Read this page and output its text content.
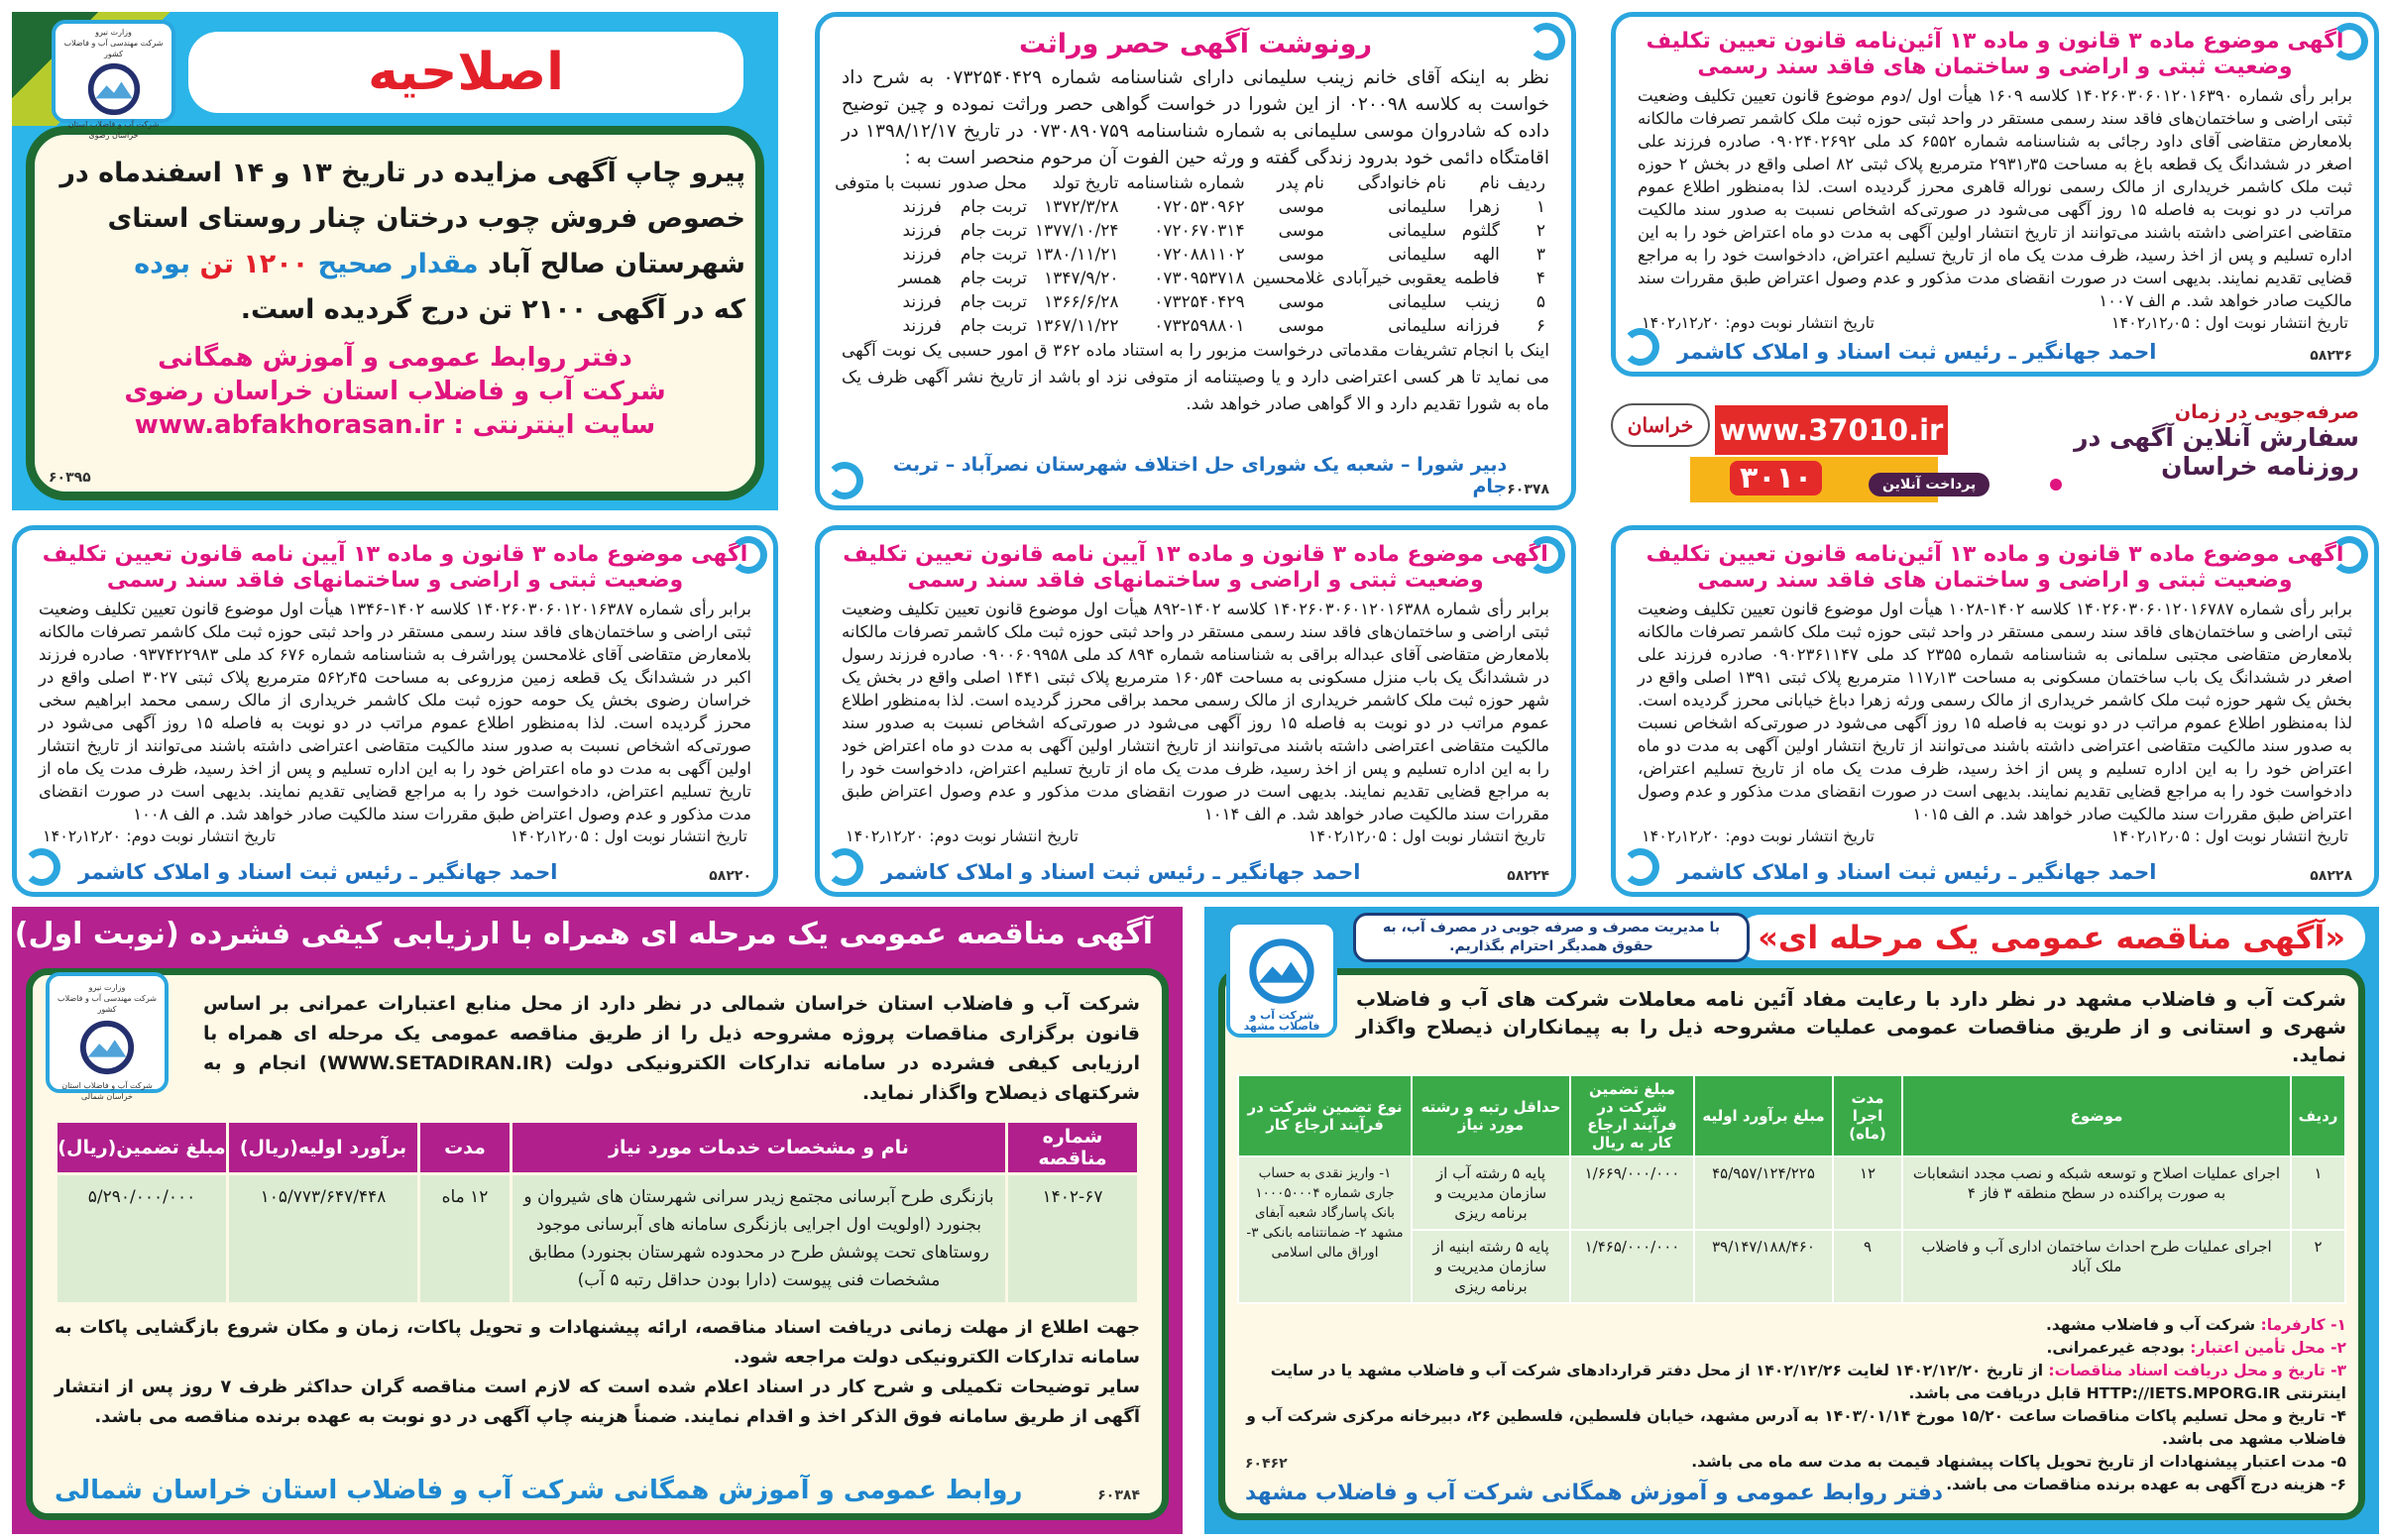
اصلاحیه
پیرو چاپ آگهی مزایده در تاریخ ۱۳ و ۱۴ اسفندماه در
خصوص فروش چوب درختان چنار روستای استای
شهرستان صالح آباد مقدار صحیح ۱۲۰۰ تن بوده
که در آگهی ۲۱۰۰ تن درج گردیده است.
دفتر روابط عمومی و آموزش همگانی
شرکت آب و فاضلاب استان خراسان رضوی
سایت اینترنتی : www.abfakhorasan.ir
۶۰۳۹۵
وزارت نیرو
شرکت مهندسی آب و فاضلاب کشور
شرکت آب و فاضلاب استان خراسان رضوی
رونوشت آگهی حصر وراثت
نظر به اینکه آقای خانم زینب سلیمانی دارای شناسنامه شماره ۰۷۳۲۵۴۰۴۲۹ به شرح داد خواست به کلاسه ۰۲۰۰۹۸ از این شورا در خواست گواهی حصر وراثت نموده و چین توضیح داده که شادروان موسی سلیمانی به شماره شناسنامه ۰۷۳۰۸۹۰۷۵۹ در تاریخ ۱۳۹۸/۱۲/۱۷ در اقامتگاه دائمی خود بدرود زندگی گفته و ورثه حین الفوت آن مرحوم منحصر است به :
ردیف	نام	نام خانوادگی	نام پدر	شماره شناسنامه	تاریخ تولد	محل صدور	نسبت با متوفی
۱	زهرا	سلیمانی	موسی	۰۷۲۰۵۳۰۹۶۲	۱۳۷۲/۳/۲۸	تربت جام	فرزند
۲	گلثوم	سلیمانی	موسی	۰۷۲۰۶۷۰۳۱۴	۱۳۷۷/۱۰/۲۴	تربت جام	فرزند
۳	الهه	سلیمانی	موسی	۰۷۲۰۸۸۱۱۰۲	۱۳۸۰/۱۱/۲۱	تربت جام	فرزند
۴	فاطمه	یعقوبی خیرآبادی	غلامحسین	۰۷۳۰۹۵۳۷۱۸	۱۳۴۷/۹/۲۰	تربت جام	همسر
۵	زینب	سلیمانی	موسی	۰۷۳۲۵۴۰۴۲۹	۱۳۶۶/۶/۲۸	تربت جام	فرزند
۶	فرزانه	سلیمانی	موسی	۰۷۳۲۵۹۸۸۰۱	۱۳۶۷/۱۱/۲۲	تربت جام	فرزند
اینک با انجام تشریفات مقدماتی درخواست مزبور را به استناد ماده ۳۶۲ ق امور حسبی یک نوبت آگهی می نماید تا هر کسی اعتراضی دارد و یا وصیتنامه از متوفی نزد او باشد از تاریخ نشر آگهی ظرف یک ماه به شورا تقدیم دارد و الا گواهی صادر خواهد شد.
۶۰۳۷۸
دبیر شورا – شعبه یک شورای حل اختلاف شهرستان نصرآباد – تربت جام
آگهی موضوع ماده ۳ قانون و ماده ۱۳ آئین‌نامه قانون تعیین تکلیف وضعیت ثبتی و اراضی و ساختمان های فاقد سند رسمی
برابر رأی شماره ۱۴۰۲۶۰۳۰۶۰۱۲۰۱۶۳۹۰ کلاسه ۱۶۰۹ هیأت اول /دوم موضوع قانون تعیین تکلیف وضعیت ثبتی اراضی و ساختمان‌های فاقد سند رسمی مستقر در واحد ثبتی حوزه ثبت ملک کاشمر تصرفات مالکانه بلامعارض متقاضی آقای داود رجائی به شناسنامه شماره ۶۵۵۲ کد ملی ۰۹۰۲۴۰۲۶۹۲ صادره فرزند علی اصغر در ششدانگ یک قطعه باغ به مساحت ۲۹۳۱٫۳۵ مترمربع پلاک ثبتی ۸۲ اصلی واقع در بخش ۲ حوزه ثبت ملک کاشمر خریداری از مالک رسمی نوراله قاهری محرز گردیده است. لذا به‌منظور اطلاع عموم مراتب در دو نوبت به فاصله ۱۵ روز آگهی می‌شود در صورتی‌که اشخاص نسبت به صدور سند مالکیت متقاضی اعتراضی داشته باشند می‌توانند از تاریخ انتشار اولین آگهی به مدت دو ماه اعتراض خود را به این اداره تسلیم و پس از اخذ رسید، ظرف مدت یک ماه از تاریخ تسلیم اعتراض، دادخواست خود را به مراجع قضایی تقدیم نمایند. بدیهی است در صورت انقضای مدت مذکور و عدم وصول اعتراض طبق مقررات سند مالکیت صادر خواهد شد. م الف ۱۰۰۷
تاریخ انتشار نوبت اول : ۱۴۰۲٫۱۲٫۰۵
تاریخ انتشار نوبت دوم: ۱۴۰۲٫۱۲٫۲۰
۵۸۲۳۶
احمد جهانگیر ـ رئیس ثبت اسناد و املاک کاشمر
آگهی موضوع ماده ۳ قانون و ماده ۱۳ آیین نامه قانون تعیین تکلیف وضعیت ثبتی و اراضی و ساختمانهای فاقد سند رسمی
برابر رأی شماره ۱۴۰۲۶۰۳۰۶۰۱۲۰۱۶۳۸۷ کلاسه ۱۴۰۲-۱۳۴۶ هیأت اول موضوع قانون تعیین تکلیف وضعیت ثبتی اراضی و ساختمان‌های فاقد سند رسمی مستقر در واحد ثبتی حوزه ثبت ملک کاشمر تصرفات مالکانه بلامعارض متقاضی آقای غلامحسن پوراشرف به شناسنامه شماره ۶۷۶ کد ملی ۰۹۳۷۴۲۲۹۸۳ صادره فرزند اکبر در ششدانگ یک قطعه زمین مزروعی به مساحت ۵۶۲٫۴۵ مترمربع پلاک ثبتی ۳۰۲۷ اصلی واقع در خراسان رضوی بخش یک حومه حوزه ثبت ملک کاشمر خریداری از مالک رسمی محمد ابراهیم سخی محرز گردیده است. لذا به‌منظور اطلاع عموم مراتب در دو نوبت به فاصله ۱۵ روز آگهی می‌شود در صورتی‌که اشخاص نسبت به صدور سند مالکیت متقاضی اعتراضی داشته باشند می‌توانند از تاریخ انتشار اولین آگهی به مدت دو ماه اعتراض خود را به این اداره تسلیم و پس از اخذ رسید، ظرف مدت یک ماه از تاریخ تسلیم اعتراض، دادخواست خود را به مراجع قضایی تقدیم نمایند. بدیهی است در صورت انقضای مدت مذکور و عدم وصول اعتراض طبق مقررات سند مالکیت صادر خواهد شد. م الف ۱۰۰۸
تاریخ انتشار نوبت اول : ۱۴۰۲٫۱۲٫۰۵
تاریخ انتشار نوبت دوم: ۱۴۰۲٫۱۲٫۲۰
۵۸۲۲۰
احمد جهانگیر ـ رئیس ثبت اسناد و املاک کاشمر
آگهی موضوع ماده ۳ قانون و ماده ۱۳ آیین نامه قانون تعیین تکلیف وضعیت ثبتی و اراضی و ساختمانهای فاقد سند رسمی
برابر رأی شماره ۱۴۰۲۶۰۳۰۶۰۱۲۰۱۶۳۸۸ کلاسه ۱۴۰۲-۸۹۲ هیأت اول موضوع قانون تعیین تکلیف وضعیت ثبتی اراضی و ساختمان‌های فاقد سند رسمی مستقر در واحد ثبتی حوزه ثبت ملک کاشمر تصرفات مالکانه بلامعارض متقاضی آقای عبداله براقی به شناسنامه شماره ۸۹۴ کد ملی ۰۹۰۰۶۰۹۹۵۸ صادره فرزند رسول در ششدانگ یک باب منزل مسکونی به مساحت ۱۶۰٫۵۴ مترمربع پلاک ثبتی ۱۴۴۱ اصلی واقع در بخش یک شهر حوزه ثبت ملک کاشمر خریداری از مالک رسمی محمد براقی محرز گردیده است. لذا به‌منظور اطلاع عموم مراتب در دو نوبت به فاصله ۱۵ روز آگهی می‌شود در صورتی‌که اشخاص نسبت به صدور سند مالکیت متقاضی اعتراضی داشته باشند می‌توانند از تاریخ انتشار اولین آگهی به مدت دو ماه اعتراض خود را به این اداره تسلیم و پس از اخذ رسید، ظرف مدت یک ماه از تاریخ تسلیم اعتراض، دادخواست خود را به مراجع قضایی تقدیم نمایند. بدیهی است در صورت انقضای مدت مذکور و عدم وصول اعتراض طبق مقررات سند مالکیت صادر خواهد شد. م الف ۱۰۱۴
تاریخ انتشار نوبت اول : ۱۴۰۲٫۱۲٫۰۵
تاریخ انتشار نوبت دوم: ۱۴۰۲٫۱۲٫۲۰
۵۸۲۲۴
احمد جهانگیر ـ رئیس ثبت اسناد و املاک کاشمر
آگهی موضوع ماده ۳ قانون و ماده ۱۳ آئین‌نامه قانون تعیین تکلیف وضعیت ثبتی و اراضی و ساختمان های فاقد سند رسمی
برابر رأی شماره ۱۴۰۲۶۰۳۰۶۰۱۲۰۱۶۷۸۷ کلاسه ۱۴۰۲-۱۰۲۸ هیأت اول موضوع قانون تعیین تکلیف وضعیت ثبتی اراضی و ساختمان‌های فاقد سند رسمی مستقر در واحد ثبتی حوزه ثبت ملک کاشمر تصرفات مالکانه بلامعارض متقاضی مجتبی سلمانی به شناسنامه شماره ۲۳۵۵ کد ملی ۰۹۰۲۳۶۱۱۴۷ صادره فرزند علی اصغر در ششدانگ یک باب ساختمان مسکونی به مساحت ۱۱۷٫۱۳ مترمربع پلاک ثبتی ۱۳۹۱ اصلی واقع در بخش یک شهر حوزه ثبت ملک کاشمر خریداری از مالک رسمی ورثه زهرا دباغ خیابانی محرز گردیده است. لذا به‌منظور اطلاع عموم مراتب در دو نوبت به فاصله ۱۵ روز آگهی می‌شود در صورتی‌که اشخاص نسبت به صدور سند مالکیت متقاضی اعتراضی داشته باشند می‌توانند از تاریخ انتشار اولین آگهی به مدت دو ماه اعتراض خود را به این اداره تسلیم و پس از اخذ رسید، ظرف مدت یک ماه از تاریخ تسلیم اعتراض، دادخواست خود را به مراجع قضایی تقدیم نمایند. بدیهی است در صورت انقضای مدت مذکور و عدم وصول اعتراض طبق مقررات سند مالکیت صادر خواهد شد. م الف ۱۰۱۵
تاریخ انتشار نوبت اول : ۱۴۰۲٫۱۲٫۰۵
تاریخ انتشار نوبت دوم: ۱۴۰۲٫۱۲٫۲۰
۵۸۲۲۸
احمد جهانگیر ـ رئیس ثبت اسناد و املاک کاشمر
صرفه‌جویی در زمان
سفارش آنلاین آگهی در
روزنامه خراسان
www.37010.ir
۳۰۱۰	پرداخت آنلاین
خراسان
آگهی مناقصه عمومی یک مرحله ای همراه با ارزیابی کیفی فشرده (نوبت اول)
شرکت آب و فاضلاب استان خراسان شمالی در نظر دارد از محل منابع اعتبارات عمرانی بر اساس قانون برگزاری مناقصات پروژه مشروحه ذیل را از طریق مناقصه عمومی یک مرحله ای همراه با ارزیابی کیفی فشرده در سامانه تدارکات الکترونیکی دولت (WWW.SETADIRAN.IR) انجام و به شرکتهای ذیصلاح واگذار نماید.
شماره مناقصه	نام و مشخصات خدمات مورد نیاز	مدت	برآورد اولیه(ریال)	مبلغ تضمین(ریال)
۱۴۰۲-۶۷	بازنگری طرح آبرسانی مجتمع زیدر سرانی شهرستان های شیروان و بجنورد (اولویت اول اجرایی بازنگری سامانه های آبرسانی موجود روستاهای تحت پوشش طرح در محدوده شهرستان بجنورد) مطابق مشخصات فنی پیوست (دارا بودن حداقل رتبه ۵ آب)	۱۲ ماه	۱۰۵/۷۷۳/۶۴۷/۴۴۸	۵/۲۹۰/۰۰۰/۰۰۰
جهت اطلاع از مهلت زمانی دریافت اسناد مناقصه، ارائه پیشنهادات و تحویل پاکات، زمان و مکان شروع بازگشایی پاکات به سامانه تدارکات الکترونیکی دولت مراجعه شود.
سایر توضیحات تکمیلی و شرح کار در اسناد اعلام شده است که لازم است مناقصه گران حداکثر ظرف ۷ روز پس از انتشار آگهی از طریق سامانه فوق الذکر اخذ و اقدام نمایند. ضمناً هزینه چاپ آگهی در دو نوبت به عهده برنده مناقصه می باشد.
روابط عمومی و آموزش همگانی شرکت آب و فاضلاب استان خراسان شمالی	۶۰۳۸۴
وزارت نیرو
شرکت مهندسی آب و فاضلاب کشور
شرکت آب و فاضلاب استان خراسان شمالی
«آگهی مناقصه عمومی یک مرحله ای»
با مدیریت مصرف و صرفه جویی در مصرف آب، به حقوق همدیگر احترام بگذاریم.
شرکت آب و فاضلاب مشهد در نظر دارد با رعایت مفاد آئین نامه معاملات شرکت های آب و فاضلاب شهری و استانی و از طریق مناقصات عمومی عملیات مشروحه ذیل را به پیمانکاران ذیصلاح واگذار نماید.
ردیف	موضوع	مدت اجرا (ماه)	مبلغ برآورد اولیه	مبلغ تضمین شرکت در فرآیند ارجاع کار به ریال	حداقل رتبه و رشته مورد نیاز	نوع تضمین شرکت در فرآیند ارجاع کار
۱	اجرای عملیات اصلاح و توسعه شبکه و نصب مجدد انشعابات به صورت پراکنده در سطح منطقه ۳ فاز ۴	۱۲	۴۵/۹۵۷/۱۲۴/۲۲۵	۱/۶۶۹/۰۰۰/۰۰۰	پایه ۵ رشته آب از سازمان مدیریت و برنامه ریزی	۱- واریز نقدی به حساب جاری شماره ۱۰۰۰۵۰۰۰۴ بانک پاسارگاد شعبه آبفای مشهد ۲- ضمانتنامه بانکی ۳- اوراق مالی اسلامی
۲	اجرای عملیات طرح احداث ساختمان اداری آب و فاضلاب ملک آباد	۹	۳۹/۱۴۷/۱۸۸/۴۶۰	۱/۴۶۵/۰۰۰/۰۰۰	پایه ۵ رشته ابنیه از سازمان مدیریت و برنامه ریزی	
۱- کارفرما: شرکت آب و فاضلاب مشهد.
۲- محل تأمین اعتبار: بودجه غیرعمرانی.
۳- تاریخ و محل دریافت اسناد مناقصات: از تاریخ ۱۴۰۲/۱۲/۲۰ لغایت ۱۴۰۲/۱۲/۲۶ از محل دفتر قراردادهای شرکت آب و فاضلاب مشهد یا در سایت اینترنتی HTTP://IETS.MPORG.IR قابل دریافت می باشد.
۴- تاریخ و محل تسلیم پاکات مناقصات ساعت ۱۵/۲۰ مورخ ۱۴۰۳/۰۱/۱۴ به آدرس مشهد، خیابان فلسطین، فلسطین ۲۶، دبیرخانه مرکزی شرکت آب و فاضلاب مشهد می باشد.
۵- مدت اعتبار پیشنهادات از تاریخ تحویل پاکات پیشنهاد قیمت به مدت سه ماه می باشد.
۶- هزینه درج آگهی به عهده برنده مناقصات می باشد.
۶۰۴۶۲
دفتر روابط عمومی و آموزش همگانی شرکت آب و فاضلاب مشهد
شرکت آب و فاضلاب مشهد
